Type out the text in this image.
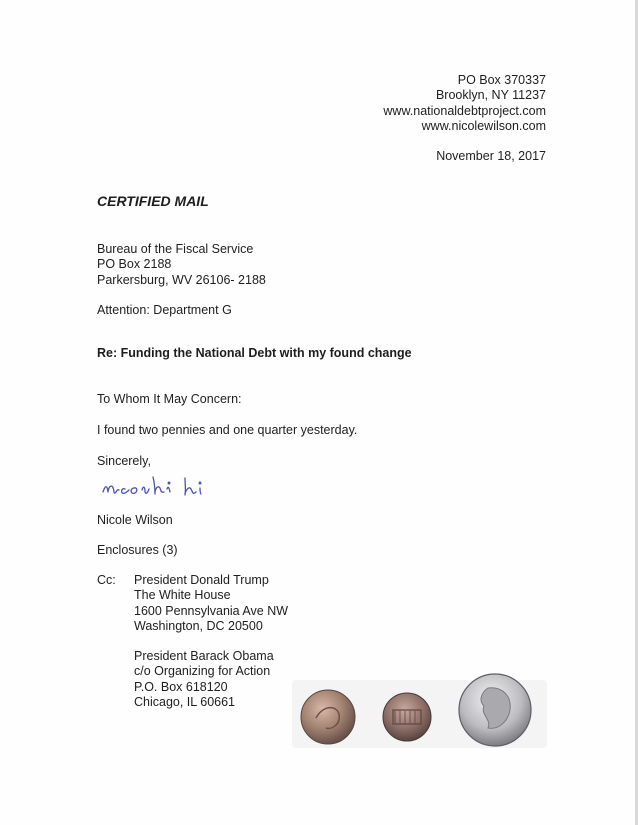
PO Box 370337
Brooklyn, NY 11237
www.nationaldebtproject.com
www.nicolewilson.com
November 18, 2017
CERTIFIED MAIL
Bureau of the Fiscal Service
PO Box 2188
Parkersburg, WV 26106- 2188
Attention: Department G
Re: Funding the National Debt with my found change
To Whom It May Concern:
I found two pennies and one quarter yesterday.
Sincerely,
Nicole Wilson
Enclosures (3)
Cc: President Donald Trump
The White House
1600 Pennsylvania Ave NW
Washington, DC 20500
President Barack Obama
c/o Organizing for Action
P.O. Box 618120
Chicago, IL 60661
